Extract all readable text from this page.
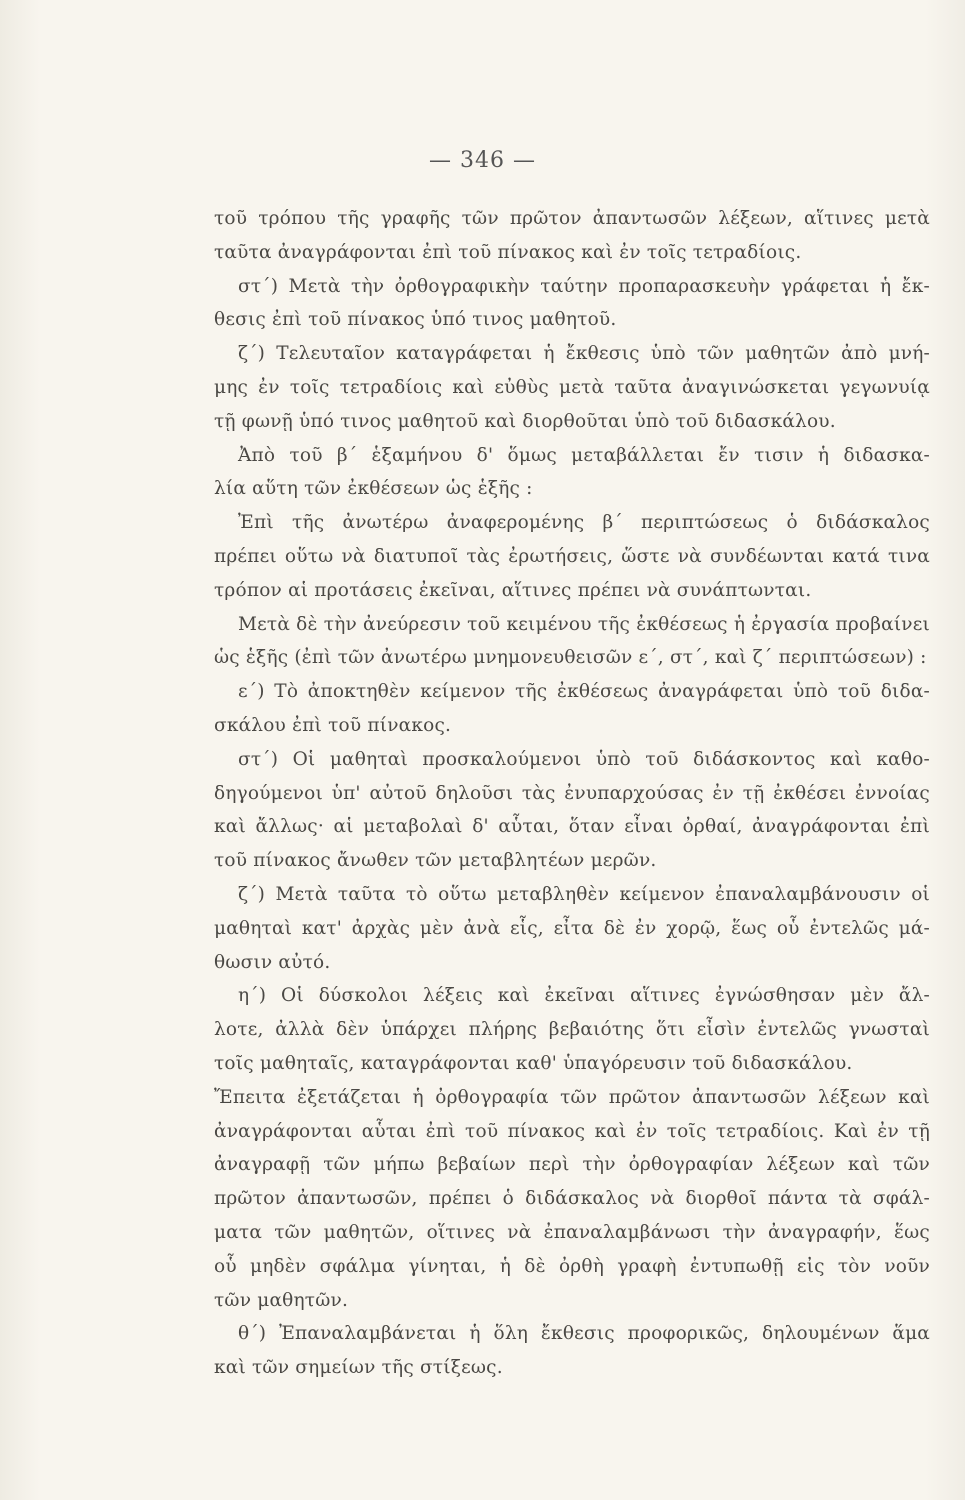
— 346 —
τοῦ τρόπου τῆς γραφῆς τῶν πρῶτον ἀπαντωσῶν λέξεων, αἵτινες μετὰ
ταῦτα ἀναγράφονται ἐπὶ τοῦ πίνακος καὶ ἐν τοῖς τετραδίοις.
στ΄) Μετὰ τὴν ὀρθογραφικὴν ταύτην προπαρασκευὴν γράφεται ἡ ἔκ-
θεσις ἐπὶ τοῦ πίνακος ὑπό τινος μαθητοῦ.
ζ΄) Τελευταῖον καταγράφεται ἡ ἔκθεσις ὑπὸ τῶν μαθητῶν ἀπὸ μνή-
μης ἐν τοῖς τετραδίοις καὶ εὐθὺς μετὰ ταῦτα ἀναγινώσκεται γεγωνυίᾳ
τῇ φωνῇ ὑπό τινος μαθητοῦ καὶ διορθοῦται ὑπὸ τοῦ διδασκάλου.
Ἀπὸ τοῦ β΄ ἑξαμήνου δ' ὅμως μεταβάλλεται ἔν τισιν ἡ διδασκα-
λία αὕτη τῶν ἐκθέσεων ὡς ἑξῆς :
Ἐπὶ τῆς ἀνωτέρω ἀναφερομένης β΄ περιπτώσεως ὁ διδάσκαλος
πρέπει οὕτω νὰ διατυποῖ τὰς ἐρωτήσεις, ὥστε νὰ συνδέωνται κατά τινα
τρόπον αἱ προτάσεις ἐκεῖναι, αἵτινες πρέπει νὰ συνάπτωνται.
Μετὰ δὲ τὴν ἀνεύρεσιν τοῦ κειμένου τῆς ἐκθέσεως ἡ ἐργασία προβαίνει
ὡς ἑξῆς (ἐπὶ τῶν ἀνωτέρω μνημονευθεισῶν ε΄, στ΄, καὶ ζ΄ περιπτώσεων) :
ε΄) Τὸ ἀποκτηθὲν κείμενον τῆς ἐκθέσεως ἀναγράφεται ὑπὸ τοῦ διδα-
σκάλου ἐπὶ τοῦ πίνακος.
στ΄) Οἱ μαθηταὶ προσκαλούμενοι ὑπὸ τοῦ διδάσκοντος καὶ καθο-
δηγούμενοι ὑπ' αὐτοῦ δηλοῦσι τὰς ἐνυπαρχούσας ἐν τῇ ἐκθέσει ἐννοίας
καὶ ἄλλως· αἱ μεταβολαὶ δ' αὗται, ὅταν εἶναι ὀρθαί, ἀναγράφονται ἐπὶ
τοῦ πίνακος ἄνωθεν τῶν μεταβλητέων μερῶν.
ζ΄) Μετὰ ταῦτα τὸ οὕτω μεταβληθὲν κείμενον ἐπαναλαμβάνουσιν οἱ
μαθηταὶ κατ' ἀρχὰς μὲν ἀνὰ εἷς, εἶτα δὲ ἐν χορῷ, ἕως οὗ ἐντελῶς μά-
θωσιν αὐτό.
η΄) Οἱ δύσκολοι λέξεις καὶ ἐκεῖναι αἵτινες ἐγνώσθησαν μὲν ἄλ-
λοτε, ἀλλὰ δὲν ὑπάρχει πλήρης βεβαιότης ὅτι εἶσὶν ἐντελῶς γνωσταὶ
τοῖς μαθηταῖς, καταγράφονται καθ' ὑπαγόρευσιν τοῦ διδασκάλου.
Ἔπειτα ἐξετάζεται ἡ ὀρθογραφία τῶν πρῶτον ἀπαντωσῶν λέξεων καὶ
ἀναγράφονται αὗται ἐπὶ τοῦ πίνακος καὶ ἐν τοῖς τετραδίοις. Καὶ ἐν τῇ
ἀναγραφῇ τῶν μήπω βεβαίων περὶ τὴν ὀρθογραφίαν λέξεων καὶ τῶν
πρῶτον ἀπαντωσῶν, πρέπει ὁ διδάσκαλος νὰ διορθοῖ πάντα τὰ σφάλ-
ματα τῶν μαθητῶν, οἵτινες νὰ ἐπαναλαμβάνωσι τὴν ἀναγραφήν, ἕως
οὗ μηδὲν σφάλμα γίνηται, ἡ δὲ ὀρθὴ γραφὴ ἐντυπωθῇ εἰς τὸν νοῦν
τῶν μαθητῶν.
θ΄) Ἐπαναλαμβάνεται ἡ ὅλη ἔκθεσις προφορικῶς, δηλουμένων ἅμα
καὶ τῶν σημείων τῆς στίξεως.
